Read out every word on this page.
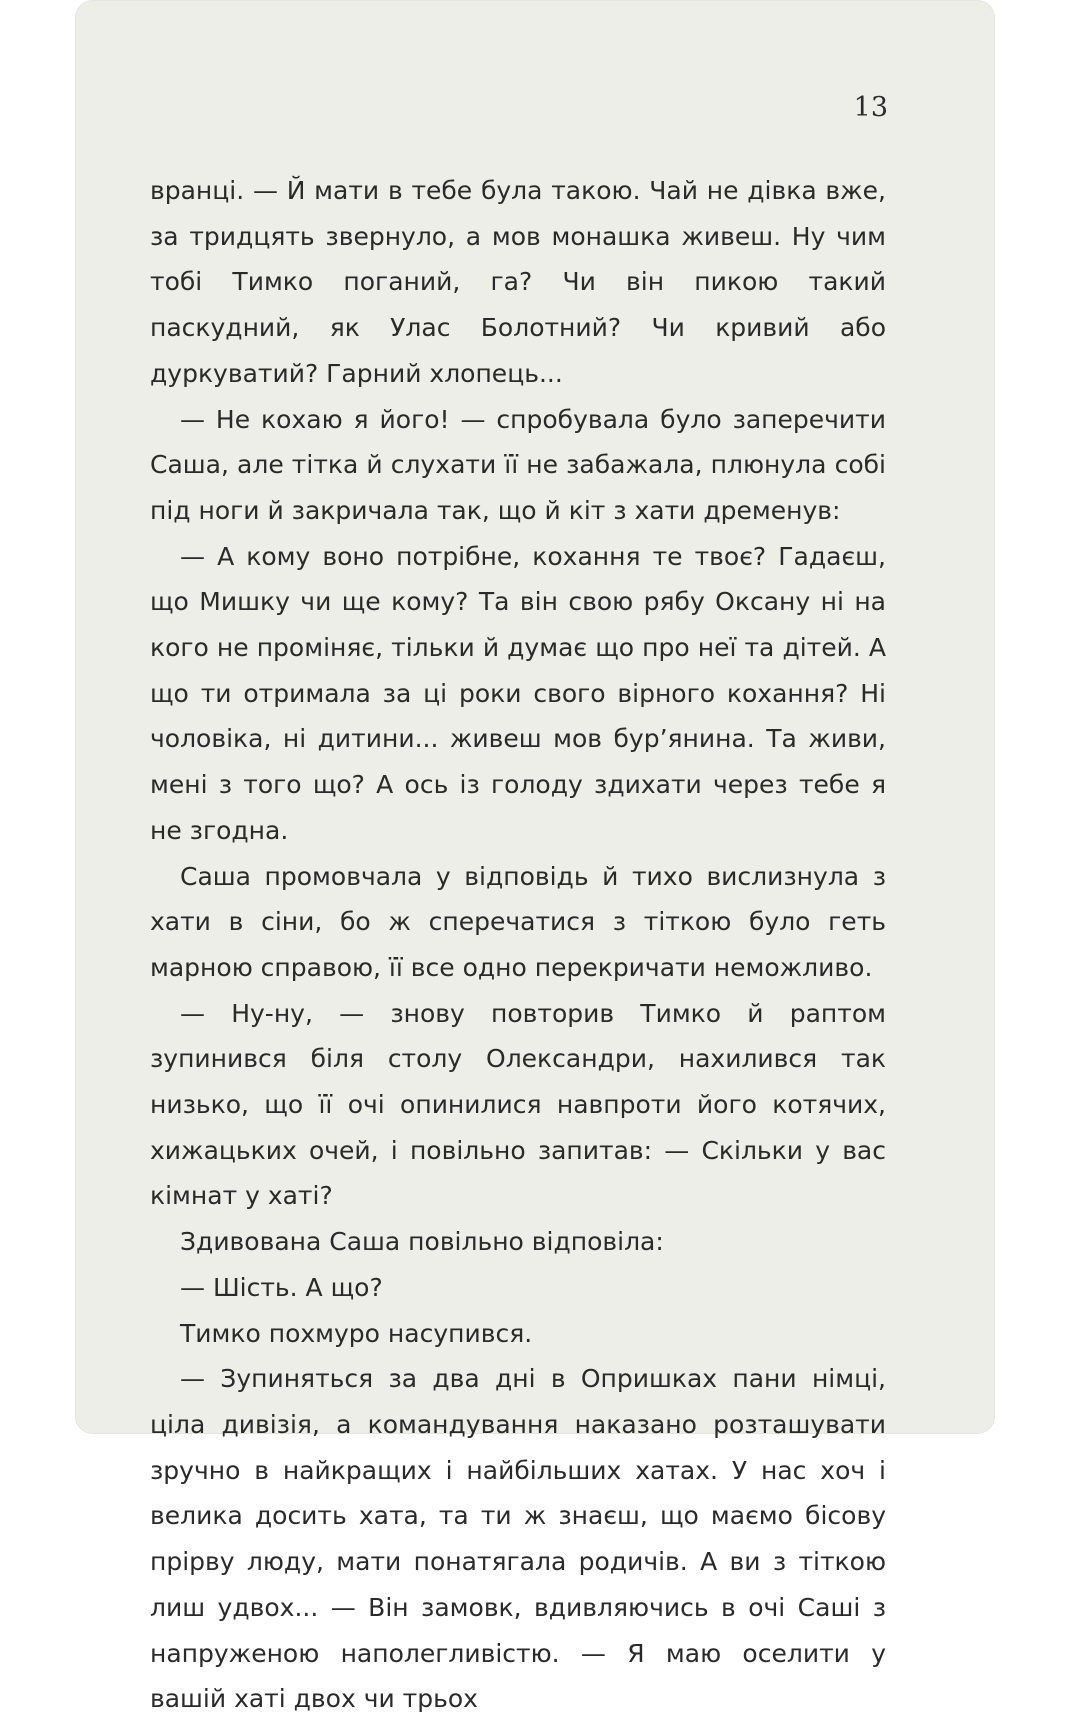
13

вранці. — Й мати в тебе була такою. Чай не дівка вже, за тридцять звернуло, а мов монашка живеш. Ну чим тобі Тимко поганий, га? Чи він пикою такий паскудний, як Улас Болотний? Чи кривий або дуркуватий? Гарний хлопець...

— Не кохаю я його! — спробувала було заперечити Саша, але тітка й слухати її не забажала, плюнула собі під ноги й закричала так, що й кіт з хати дременув:

— А кому воно потрібне, кохання те твоє? Гадаєш, що Мишку чи ще кому? Та він свою рябу Оксану ні на кого не проміняє, тільки й думає що про неї та дітей. А що ти отримала за ці роки свого вірного кохання? Ні чоловіка, ні дитини... живеш мов бур’янина. Та живи, мені з того що? А ось із голоду здихати через тебе я не згодна.

Саша промовчала у відповідь й тихо вислизнула з хати в сіни, бо ж сперечатися з тіткою було геть марною справою, її все одно перекричати неможливо.

— Ну-ну, — знову повторив Тимко й раптом зупинився біля столу Олександри, нахилився так низько, що її очі опинилися навпроти його котячих, хижацьких очей, і повільно запитав: — Скільки у вас кімнат у хаті?

Здивована Саша повільно відповіла:

— Шість. А що?

Тимко похмуро насупився.

— Зупиняться за два дні в Опришках пани німці, ціла дивізія, а командування наказано розташувати зручно в найкращих і найбільших хатах. У нас хоч і велика досить хата, та ти ж знаєш, що маємо бісову прірву люду, мати понатягала родичів. А ви з тіткою лиш удвох... — Він замовк, вдивляючись в очі Саші з напруженою наполегливістю. — Я маю оселити у вашій хаті двох чи трьох
